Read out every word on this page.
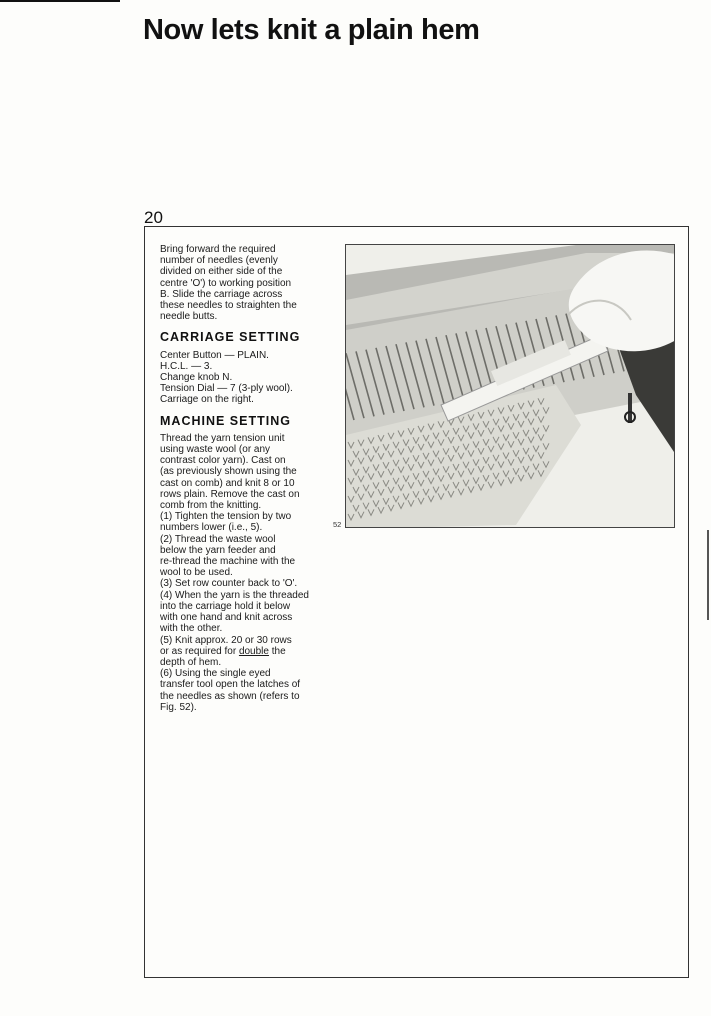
Now lets knit a plain hem
20

Bring forward the required
number of needles (evenly
divided on either side of the
centre 'O') to working position
B. Slide the carriage across
these needles to straighten the
needle butts.

CARRIAGE SETTING

Center Button — PLAIN.
H.C.L. — 3.
Change knob N.
Tension Dial — 7 (3-ply wool).
Carriage on the right.

MACHINE SETTING

Thread the yarn tension unit
using waste wool (or any
contrast color yarn). Cast on
(as previously shown using the
cast on comb) and knit 8 or 10
rows plain. Remove the cast on
comb from the knitting.
(1) Tighten the tension by two
numbers lower (i.e., 5).
(2) Thread the waste wool
below the yarn feeder and
re-thread the machine with the
wool to be used.
(3) Set row counter back to 'O'.
(4) When the yarn is the threaded
into the carriage hold it below
with one hand and knit across
with the other.

(5) Knit approx. 20 or 30 rows
or as required for double the
depth of hem.

(6) Using the single eyed
transfer tool open the latches of
the needles as shown (refers to
Fig. 52).

52
